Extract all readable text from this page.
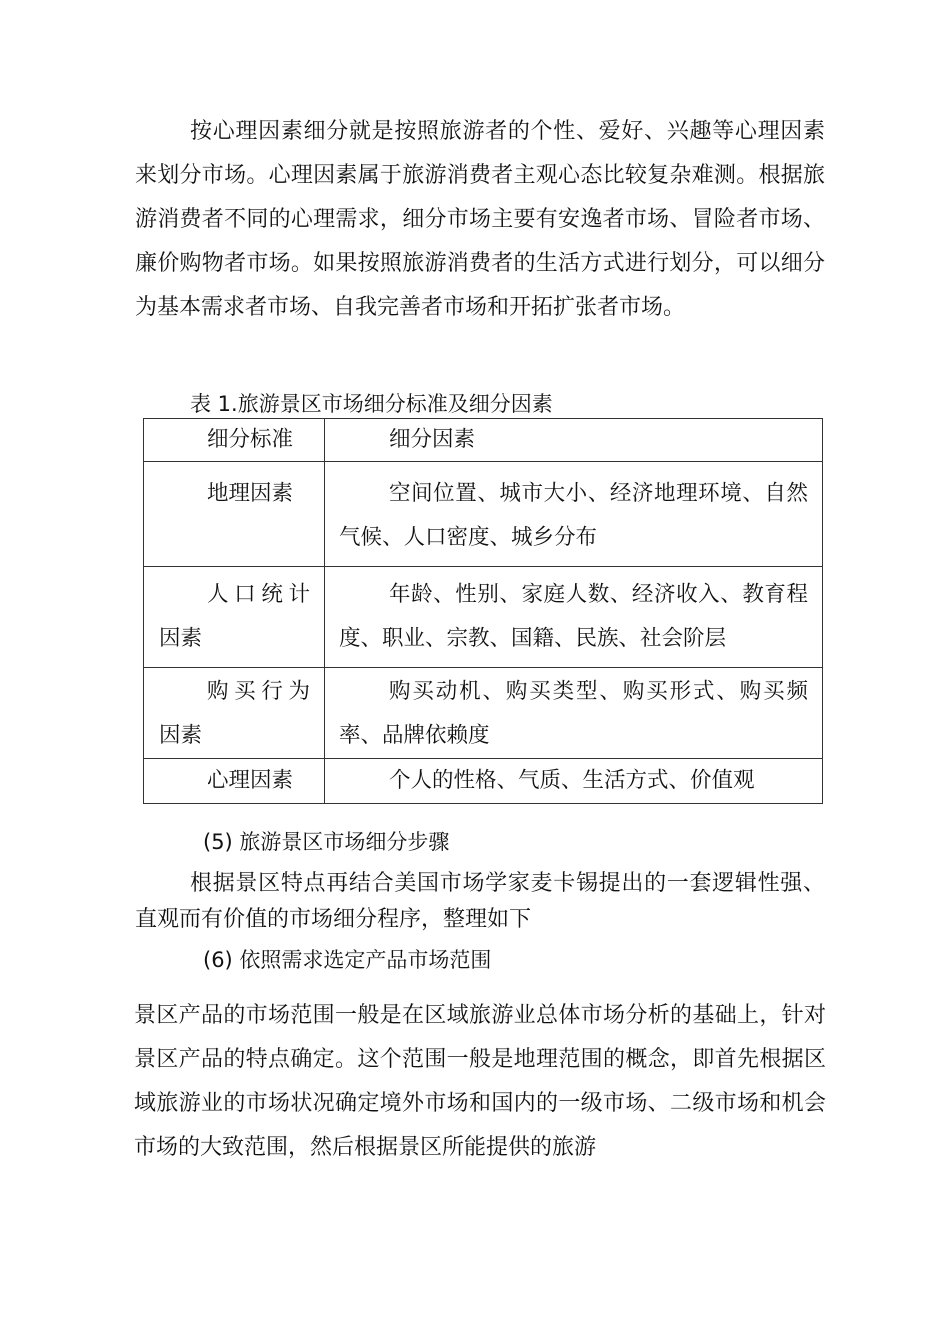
按心理因素细分就是按照旅游者的个性、爱好、兴趣等心理因素来划分市场。心理因素属于旅游消费者主观心态比较复杂难测。根据旅游消费者不同的心理需求，细分市场主要有安逸者市场、冒险者市场、廉价购物者市场。如果按照旅游消费者的生活方式进行划分，可以细分为基本需求者市场、自我完善者市场和开拓扩张者市场。

表 1.旅游景区市场细分标准及细分因素

细分标准	细分因素

地理因素	空间位置、城市大小、经济地理环境、自然气候、人口密度、城乡分布

人口统计因素	年龄、性别、家庭人数、经济收入、教育程度、职业、宗教、国籍、民族、社会阶层

购买行为因素	购买动机、购买类型、购买形式、购买频率、品牌依赖度

心理因素	个人的性格、气质、生活方式、价值观

(5) 旅游景区市场细分步骤

根据景区特点再结合美国市场学家麦卡锡提出的一套逻辑性强、直观而有价值的市场细分程序，整理如下

(6) 依照需求选定产品市场范围

景区产品的市场范围一般是在区域旅游业总体市场分析的基础上，针对景区产品的特点确定。这个范围一般是地理范围的概念，即首先根据区域旅游业的市场状况确定境外市场和国内的一级市场、二级市场和机会市场的大致范围，然后根据景区所能提供的旅游
